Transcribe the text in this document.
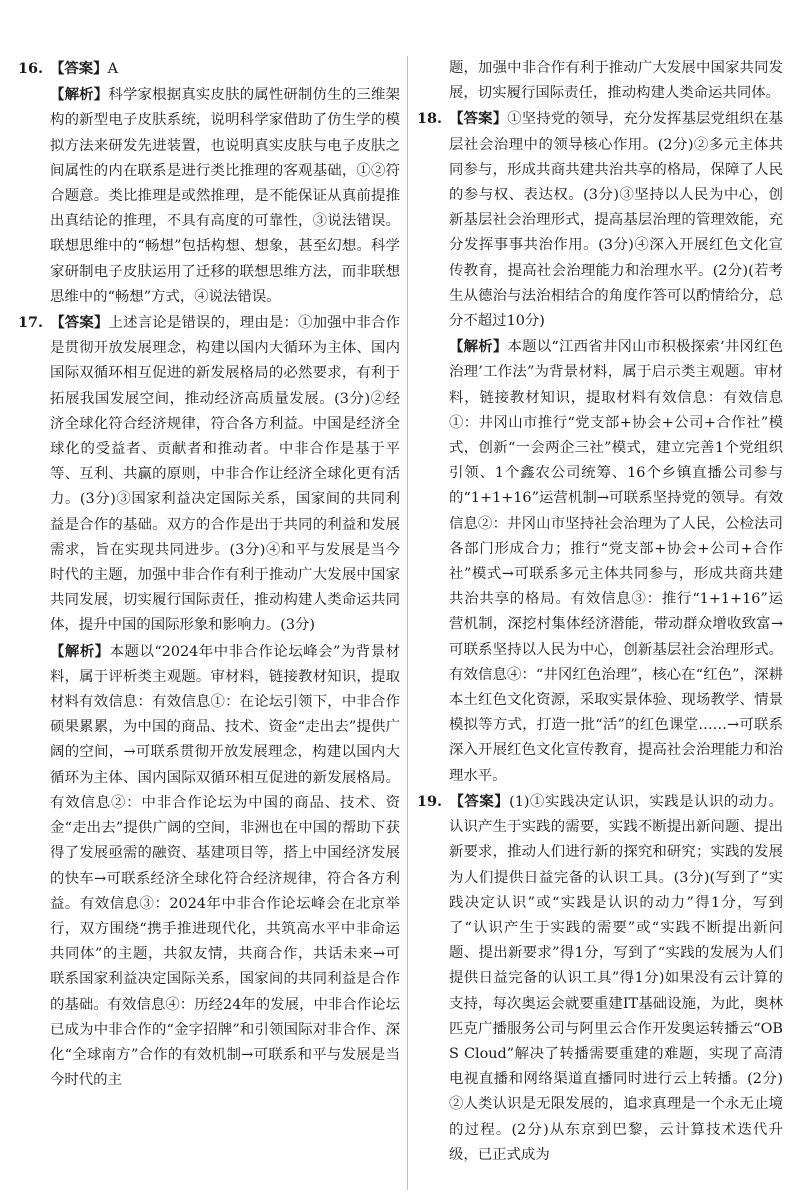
16. 【答案】A

【解析】科学家根据真实皮肤的属性研制仿生的三维架构的新型电子皮肤系统，说明科学家借助了仿生学的模拟方法来研发先进装置，也说明真实皮肤与电子皮肤之间属性的内在联系是进行类比推理的客观基础，①②符合题意。类比推理是或然推理，是不能保证从真前提推出真结论的推理，不具有高度的可靠性，③说法错误。联想思维中的“畅想”包括构想、想象，甚至幻想。科学家研制电子皮肤运用了迁移的联想思维方法，而非联想思维中的“畅想”方式，④说法错误。

17. 【答案】上述言论是错误的，理由是：①加强中非合作是贯彻开放发展理念，构建以国内大循环为主体、国内国际双循环相互促进的新发展格局的必然要求，有利于拓展我国发展空间，推动经济高质量发展。(3分)②经济全球化符合经济规律，符合各方利益。中国是经济全球化的受益者、贡献者和推动者。中非合作是基于平等、互利、共赢的原则，中非合作让经济全球化更有活力。(3分)③国家利益决定国际关系，国家间的共同利益是合作的基础。双方的合作是出于共同的利益和发展需求，旨在实现共同进步。(3分)④和平与发展是当今时代的主题，加强中非合作有利于推动广大发展中国家共同发展，切实履行国际责任，推动构建人类命运共同体，提升中国的国际形象和影响力。(3分)

【解析】本题以“2024年中非合作论坛峰会”为背景材料，属于评析类主观题。审材料，链接教材知识，提取材料有效信息：有效信息①：在论坛引领下，中非合作硕果累累，为中国的商品、技术、资金“走出去”提供广阔的空间，→可联系贯彻开放发展理念，构建以国内大循环为主体、国内国际双循环相互促进的新发展格局。有效信息②：中非合作论坛为中国的商品、技术、资金“走出去”提供广阔的空间，非洲也在中国的帮助下获得了发展亟需的融资、基建项目等，搭上中国经济发展的快车→可联系经济全球化符合经济规律，符合各方利益。有效信息③：2024年中非合作论坛峰会在北京举行，双方围绕“携手推进现代化，共筑高水平中非命运共同体”的主题，共叙友情，共商合作，共话未来→可联系国家利益决定国际关系，国家间的共同利益是合作的基础。有效信息④：历经24年的发展，中非合作论坛已成为中非合作的“金字招牌”和引领国际对非合作、深化“全球南方”合作的有效机制→可联系和平与发展是当今时代的主

题，加强中非合作有利于推动广大发展中国家共同发展，切实履行国际责任，推动构建人类命运共同体。

18. 【答案】①坚持党的领导，充分发挥基层党组织在基层社会治理中的领导核心作用。(2分)②多元主体共同参与，形成共商共建共治共享的格局，保障了人民的参与权、表达权。(3分)③坚持以人民为中心，创新基层社会治理形式，提高基层治理的管理效能，充分发挥事事共治作用。(3分)④深入开展红色文化宣传教育，提高社会治理能力和治理水平。(2分)(若考生从德治与法治相结合的角度作答可以酌情给分，总分不超过10分)

【解析】本题以“江西省井冈山市积极探索‘井冈红色治理’工作法”为背景材料，属于启示类主观题。审材料，链接教材知识，提取材料有效信息：有效信息①：井冈山市推行“党支部+协会+公司+合作社”模式，创新“一会两企三社”模式，建立完善1个党组织引领、1个鑫农公司统筹、16个乡镇直播公司参与的“1+1+16”运营机制→可联系坚持党的领导。有效信息②：井冈山市坚持社会治理为了人民，公检法司各部门形成合力；推行“党支部+协会+公司+合作社”模式→可联系多元主体共同参与，形成共商共建共治共享的格局。有效信息③：推行“1+1+16”运营机制，深挖村集体经济潜能，带动群众增收致富→可联系坚持以人民为中心，创新基层社会治理形式。有效信息④：“井冈红色治理”，核心在“红色”，深耕本土红色文化资源，采取实景体验、现场教学、情景模拟等方式，打造一批“活”的红色课堂……→可联系深入开展红色文化宣传教育，提高社会治理能力和治理水平。

19. 【答案】(1)①实践决定认识，实践是认识的动力。认识产生于实践的需要，实践不断提出新问题、提出新要求，推动人们进行新的探究和研究；实践的发展为人们提供日益完备的认识工具。(3分)(写到了“实践决定认识”或“实践是认识的动力”得1分，写到了“认识产生于实践的需要”或“实践不断提出新问题、提出新要求”得1分，写到了“实践的发展为人们提供日益完备的认识工具”得1分)如果没有云计算的支持，每次奥运会就要重建IT基础设施，为此，奥林匹克广播服务公司与阿里云合作开发奥运转播云“OBS Cloud”解决了转播需要重建的难题，实现了高清电视直播和网络渠道直播同时进行云上转播。(2分)②人类认识是无限发展的，追求真理是一个永无止境的过程。(2分)从东京到巴黎，云计算技术迭代升级，已正式成为
